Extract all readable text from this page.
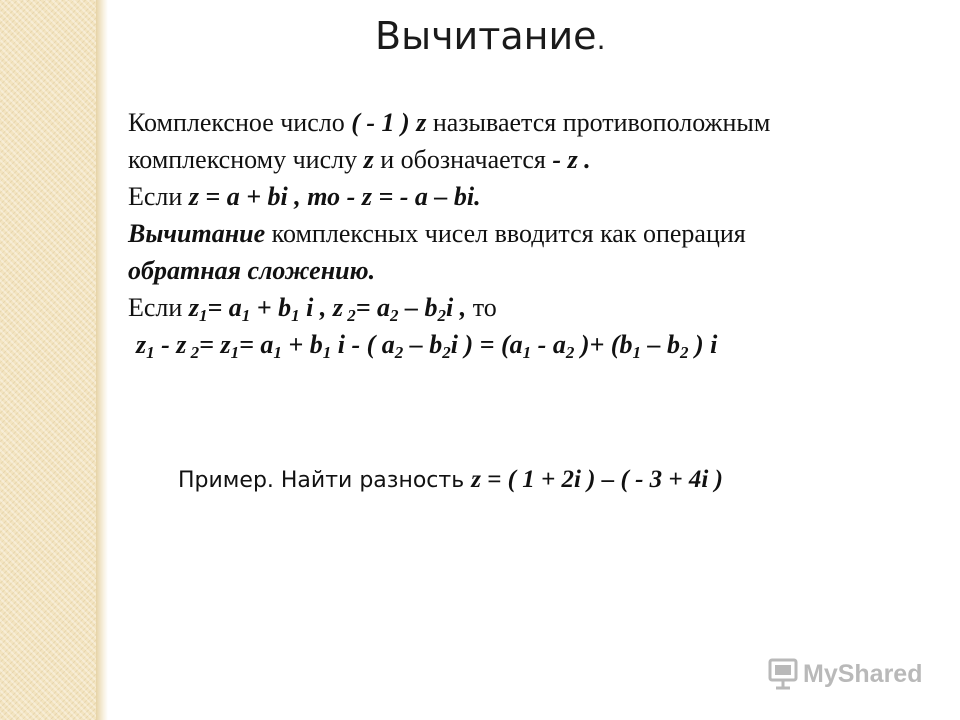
Вычитание.
Комплексное число ( - 1 ) z называется противоположным
комплексному числу z и обозначается - z .
Если z = a + bi , то - z = - a – bi.
Вычитание комплексных чисел вводится как операция
обратная сложению.
Если $z_1= a_1 + b_1$ i , z $_2= a_2 - b_2i$ , то
$z_1$ - z $_2= z_1= a_1 + b_1$ i - ( $a_2 - b_2i$ ) = ($a_1 - a_2$ )+ ($b_1 - b_2$ ) i
Пример. Найти разность z = ( 1 + 2i ) – ( - 3 + 4i )
MyShared
